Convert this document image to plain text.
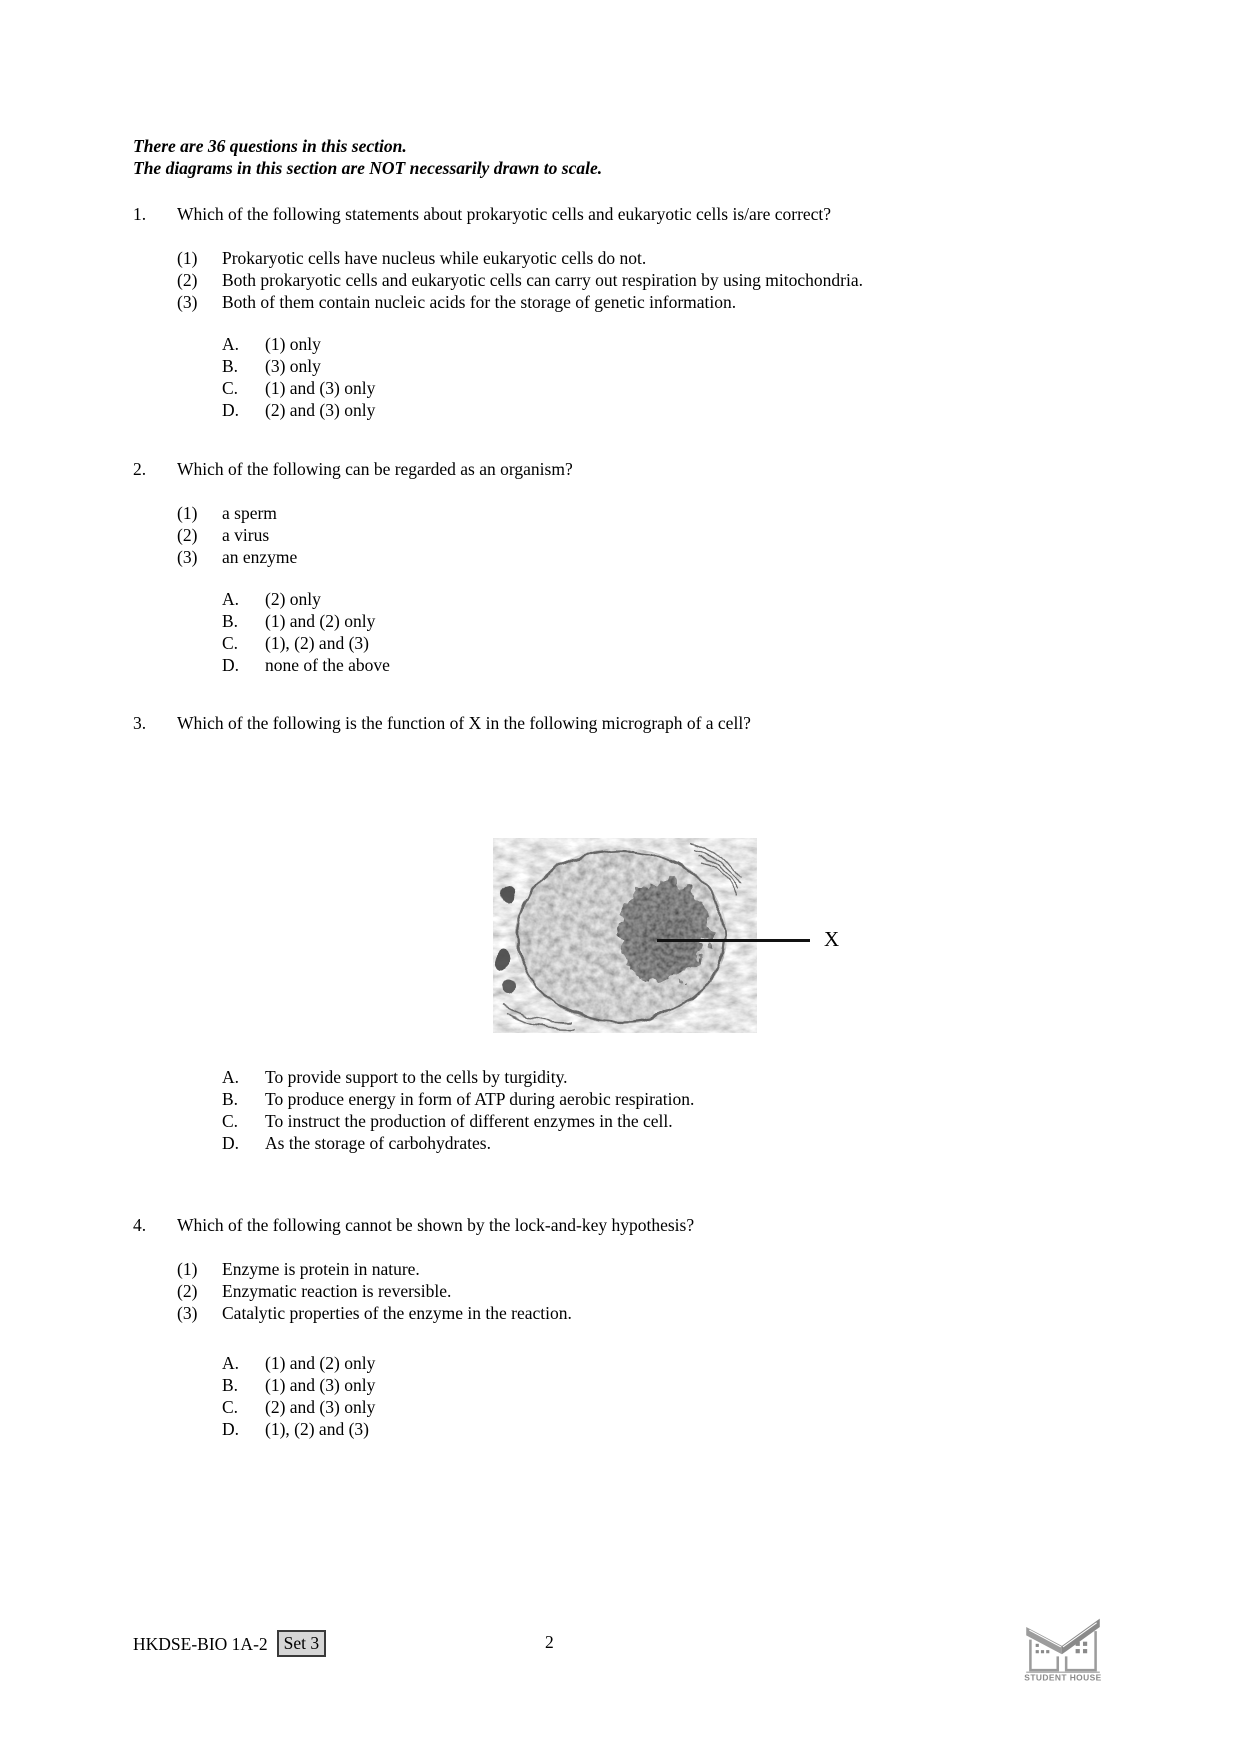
There are 36 questions in this section.
The diagrams in this section are NOT necessarily drawn to scale.
1.	Which of the following statements about prokaryotic cells and eukaryotic cells is/are correct?
(1)	Prokaryotic cells have nucleus while eukaryotic cells do not.
(2)	Both prokaryotic cells and eukaryotic cells can carry out respiration by using mitochondria.
(3)	Both of them contain nucleic acids for the storage of genetic information.
A.	(1) only
B.	(3) only
C.	(1) and (3) only
D.	(2) and (3) only
2.	Which of the following can be regarded as an organism?
(1)	a sperm
(2)	a virus
(3)	an enzyme
A.	(2) only
B.	(1) and (2) only
C.	(1), (2) and (3)
D.	none of the above
3.	Which of the following is the function of X in the following micrograph of a cell?
X
A.	To provide support to the cells by turgidity.
B.	To produce energy in form of ATP during aerobic respiration.
C.	To instruct the production of different enzymes in the cell.
D.	As the storage of carbohydrates.
4.	Which of the following cannot be shown by the lock-and-key hypothesis?
(1)	Enzyme is protein in nature.
(2)	Enzymatic reaction is reversible.
(3)	Catalytic properties of the enzyme in the reaction.
A.	(1) and (2) only
B.	(1) and (3) only
C.	(2) and (3) only
D.	(1), (2) and (3)
HKDSE-BIO 1A-2 Set 3	2
STUDENT HOUSE
